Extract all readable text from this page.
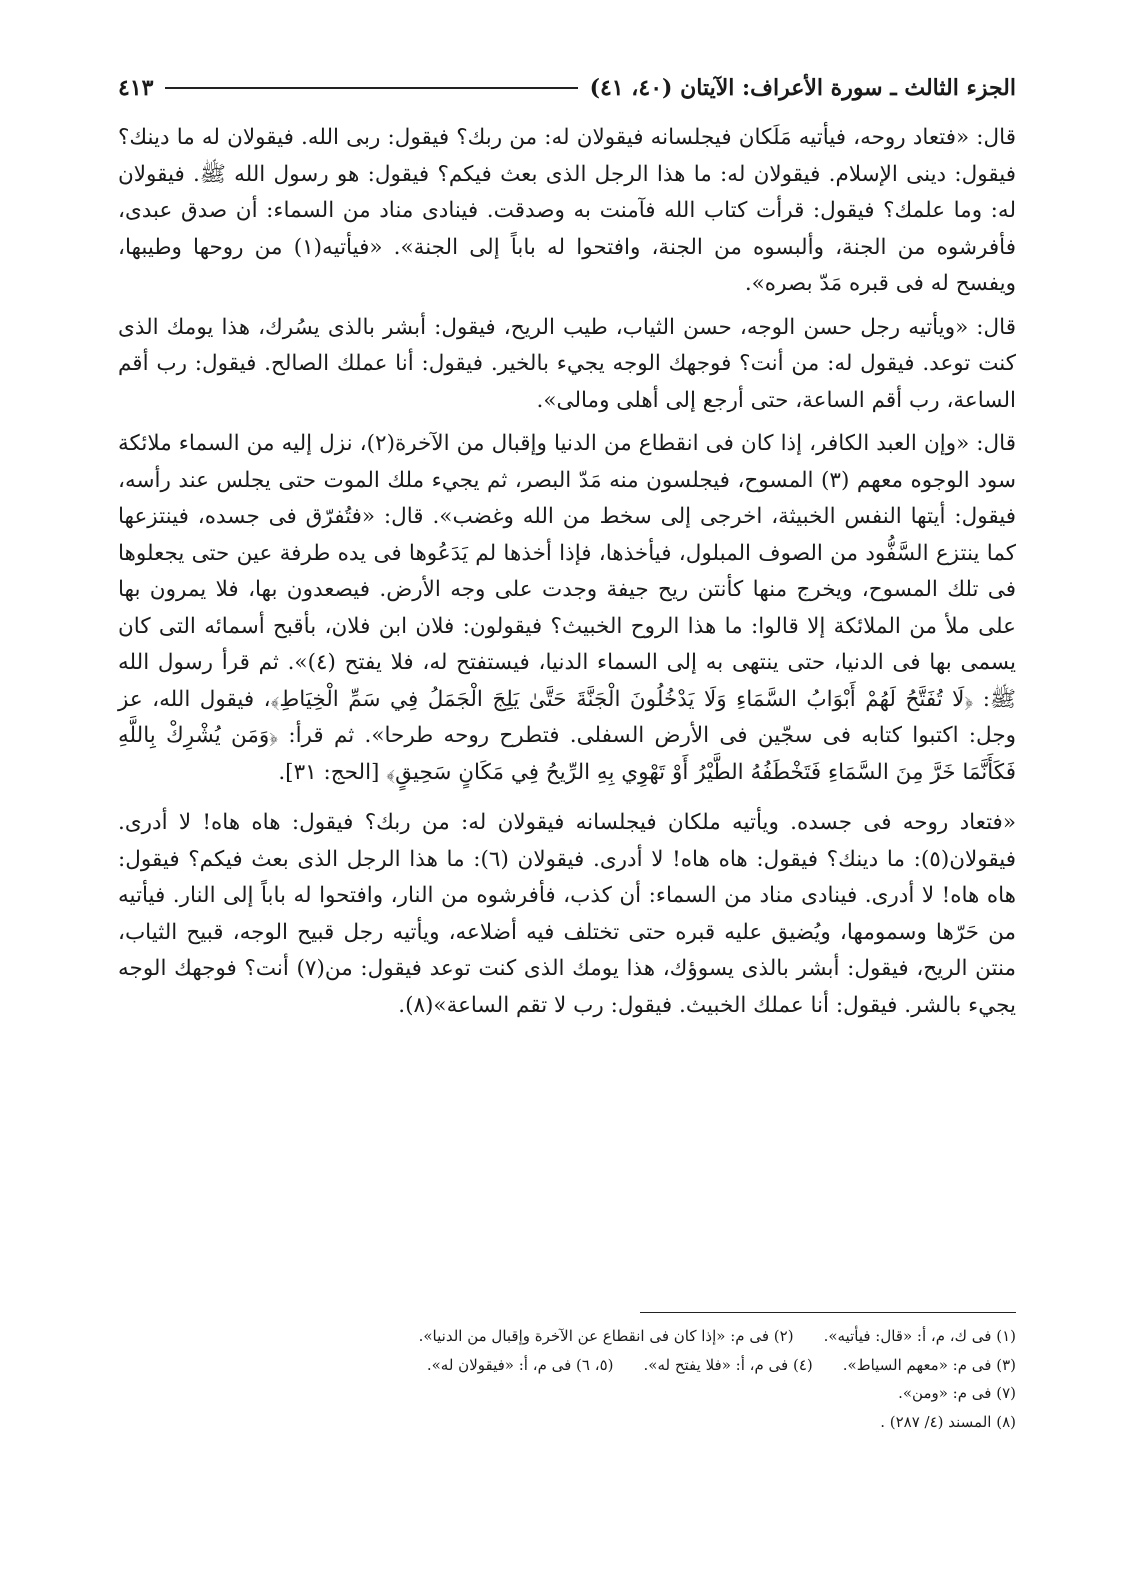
الجزء الثالث ـ سورة الأعراف: الآيتان (٤٠، ٤١)
٤١٣

قال: «فتعاد روحه، فيأتيه مَلَكان فيجلسانه فيقولان له: من ربك؟ فيقول: ربى الله. فيقولان له ما دينك؟ فيقول: دينى الإسلام. فيقولان له: ما هذا الرجل الذى بعث فيكم؟ فيقول: هو رسول الله ﷺ. فيقولان له: وما علمك؟ فيقول: قرأت كتاب الله فآمنت به وصدقت. فينادى مناد من السماء: أن صدق عبدى، فأفرشوه من الجنة، وألبسوه من الجنة، وافتحوا له باباً إلى الجنة». «فيأتيه(١) من روحها وطيبها، ويفسح له فى قبره مَدّ بصره».

قال: «ويأتيه رجل حسن الوجه، حسن الثياب، طيب الريح، فيقول: أبشر بالذى يسُرك، هذا يومك الذى كنت توعد. فيقول له: من أنت؟ فوجهك الوجه يجيء بالخير. فيقول: أنا عملك الصالح. فيقول: رب أقم الساعة، رب أقم الساعة، حتى أرجع إلى أهلى ومالى».

قال: «وإن العبد الكافر، إذا كان فى انقطاع من الدنيا وإقبال من الآخرة(٢)، نزل إليه من السماء ملائكة سود الوجوه معهم (٣) المسوح، فيجلسون منه مَدّ البصر، ثم يجيء ملك الموت حتى يجلس عند رأسه، فيقول: أيتها النفس الخبيثة، اخرجى إلى سخط من الله وغضب». قال: «فتُفرّق فى جسده، فينتزعها كما ينتزع السَّفُّود من الصوف المبلول، فيأخذها، فإذا أخذها لم يَدَعُوها فى يده طرفة عين حتى يجعلوها فى تلك المسوح، ويخرج منها كأنتن ريح جيفة وجدت على وجه الأرض. فيصعدون بها، فلا يمرون بها على ملأ من الملائكة إلا قالوا: ما هذا الروح الخبيث؟ فيقولون: فلان ابن فلان، بأقبح أسمائه التى كان يسمى بها فى الدنيا، حتى ينتهى به إلى السماء الدنيا، فيستفتح له، فلا يفتح (٤)». ثم قرأ رسول الله ﷺ: ﴿لَا تُفَتَّحُ لَهُمْ أَبْوَابُ السَّمَاءِ وَلَا يَدْخُلُونَ الْجَنَّةَ حَتَّىٰ يَلِجَ الْجَمَلُ فِي سَمِّ الْخِيَاطِ﴾، فيقول الله، عز وجل: اكتبوا كتابه فى سجّين فى الأرض السفلى. فتطرح روحه طرحا». ثم قرأ: ﴿وَمَن يُشْرِكْ بِاللَّهِ فَكَأَنَّمَا خَرَّ مِنَ السَّمَاءِ فَتَخْطَفُهُ الطَّيْرُ أَوْ تَهْوِي بِهِ الرِّيحُ فِي مَكَانٍ سَحِيقٍ﴾ [الحج: ٣١].

«فتعاد روحه فى جسده. ويأتيه ملكان فيجلسانه فيقولان له: من ربك؟ فيقول: هاه هاه! لا أدرى. فيقولان(٥): ما دينك؟ فيقول: هاه هاه! لا أدرى. فيقولان (٦): ما هذا الرجل الذى بعث فيكم؟ فيقول: هاه هاه! لا أدرى. فينادى مناد من السماء: أن كذب، فأفرشوه من النار، وافتحوا له باباً إلى النار. فيأتيه من حَرّها وسمومها، ويُضيق عليه قبره حتى تختلف فيه أضلاعه، ويأتيه رجل قبيح الوجه، قبيح الثياب، منتن الريح، فيقول: أبشر بالذى يسوؤك، هذا يومك الذى كنت توعد فيقول: من(٧) أنت؟ فوجهك الوجه يجيء بالشر. فيقول: أنا عملك الخبيث. فيقول: رب لا تقم الساعة»(٨).

(١) فى ك، م، أ: «قال: فيأتيه».
(٢) فى م: «إذا كان فى انقطاع عن الآخرة وإقبال من الدنيا».
(٣) فى م: «معهم السياط».
(٤) فى م، أ: «فلا يفتح له».
(٥، ٦) فى م، أ: «فيقولان له».
(٧) فى م: «ومن».
(٨) المسند (٤/ ٢٨٧) .
